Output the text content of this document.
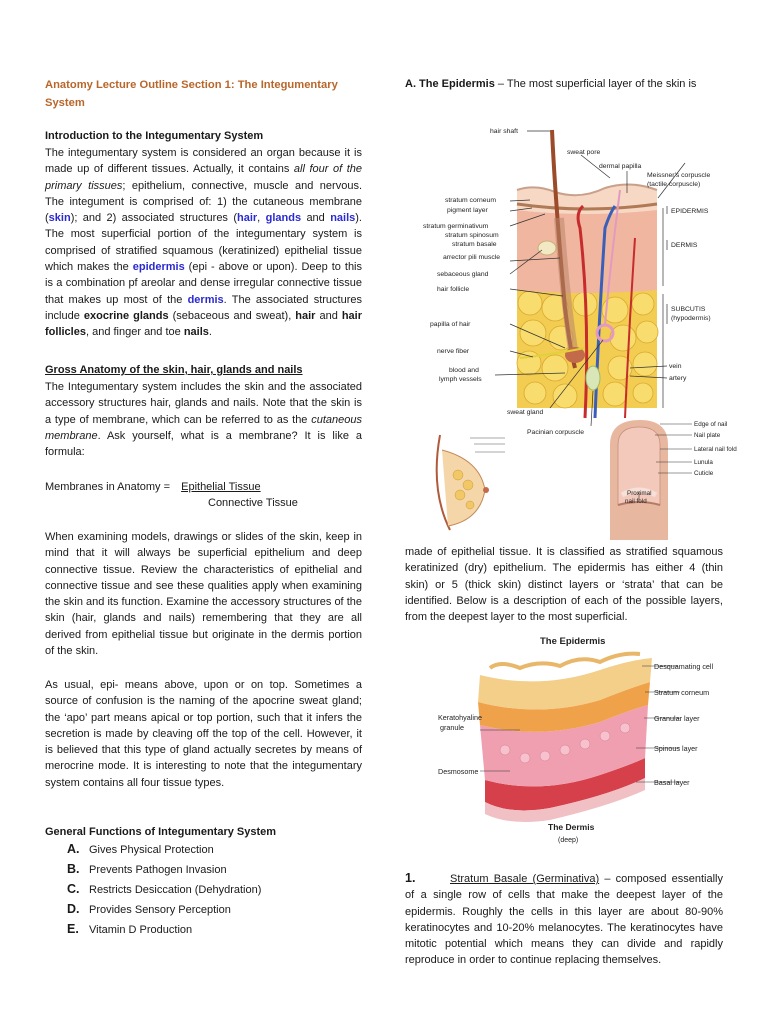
Anatomy Lecture Outline Section 1: The Integumentary
System
Introduction to the Integumentary System
The integumentary system is considered an organ because it is made up of different tissues. Actually, it contains all four of the primary tissues; epithelium, connective, muscle and nervous. The integument is comprised of: 1) the cutaneous membrane (skin); and 2) associated structures (hair, glands and nails). The most superficial portion of the integumentary system is comprised of stratified squamous (keratinized) epithelial tissue which makes the epidermis (epi - above or upon). Deep to this is a combination pf areolar and dense irregular connective tissue that makes up most of the dermis. The associated structures include exocrine glands (sebaceous and sweat), hair and hair follicles, and finger and toe nails.
Gross Anatomy of the skin, hair, glands and nails
The Integumentary system includes the skin and the associated accessory structures hair, glands and nails. Note that the skin is a type of membrane, which can be referred to as the cutaneous membrane. Ask yourself, what is a membrane? It is like a formula:
Membranes in Anatomy = Epithelial Tissue
Connective Tissue
When examining models, drawings or slides of the skin, keep in mind that it will always be superficial epithelium and deep connective tissue. Review the characteristics of epithelial and connective tissue and see these qualities apply when examining the skin and its function. Examine the accessory structures of the skin (hair, glands and nails) remembering that they are all derived from epithelial tissue but originate in the dermis portion of the skin.
As usual, epi- means above, upon or on top. Sometimes a source of confusion is the naming of the apocrine sweat gland; the ‘apo’ part means apical or top portion, such that it infers the secretion is made by cleaving off the top of the cell. However, it is believed that this type of gland actually secretes by means of merocrine mode. It is interesting to note that the integumentary system contains all four tissue types.
General Functions of Integumentary System
A. Gives Physical Protection
B. Prevents Pathogen Invasion
C. Restricts Desiccation (Dehydration)
D. Provides Sensory Perception
E. Vitamin D Production
A. The Epidermis – The most superficial layer of the skin is
hair shaft
sweat pore
dermal papilla
Meissner's corpuscle
(tactile corpuscle)
stratum corneum
pigment layer
stratum germinativum
stratum spinosum
stratum basale
arrector pili muscle
sebaceous gland
hair follicle
papilla of hair
nerve fiber
blood and
lymph vessels
sweat gland
Pacinian corpuscle
EPIDERMIS
DERMIS
SUBCUTIS
(hypodermis)
vein
artery
Edge of nail
Nail plate
Lateral nail fold
Lunula
Cuticle
Proximal
nail fold
made of epithelial tissue. It is classified as stratified squamous keratinized (dry) epithelium. The epidermis has either 4 (thin skin) or 5 (thick skin) distinct layers or ‘strata’ that can be identified. Below is a description of each of the possible layers, from the deepest layer to the most superficial.
The Epidermis
Desquamating cell
Stratum corneum
Granular layer
Spinous layer
Basal layer
Keratohyaline
granule
Desmosome
The Dermis
(deep)
1.	Stratum Basale (Germinativa) – composed essentially of a single row of cells that make the deepest layer of the epidermis. Roughly the cells in this layer are about 80-90% keratinocytes and 10-20% melanocytes. The keratinocytes have mitotic potential which means they can divide and rapidly reproduce in order to continue replacing themselves.
